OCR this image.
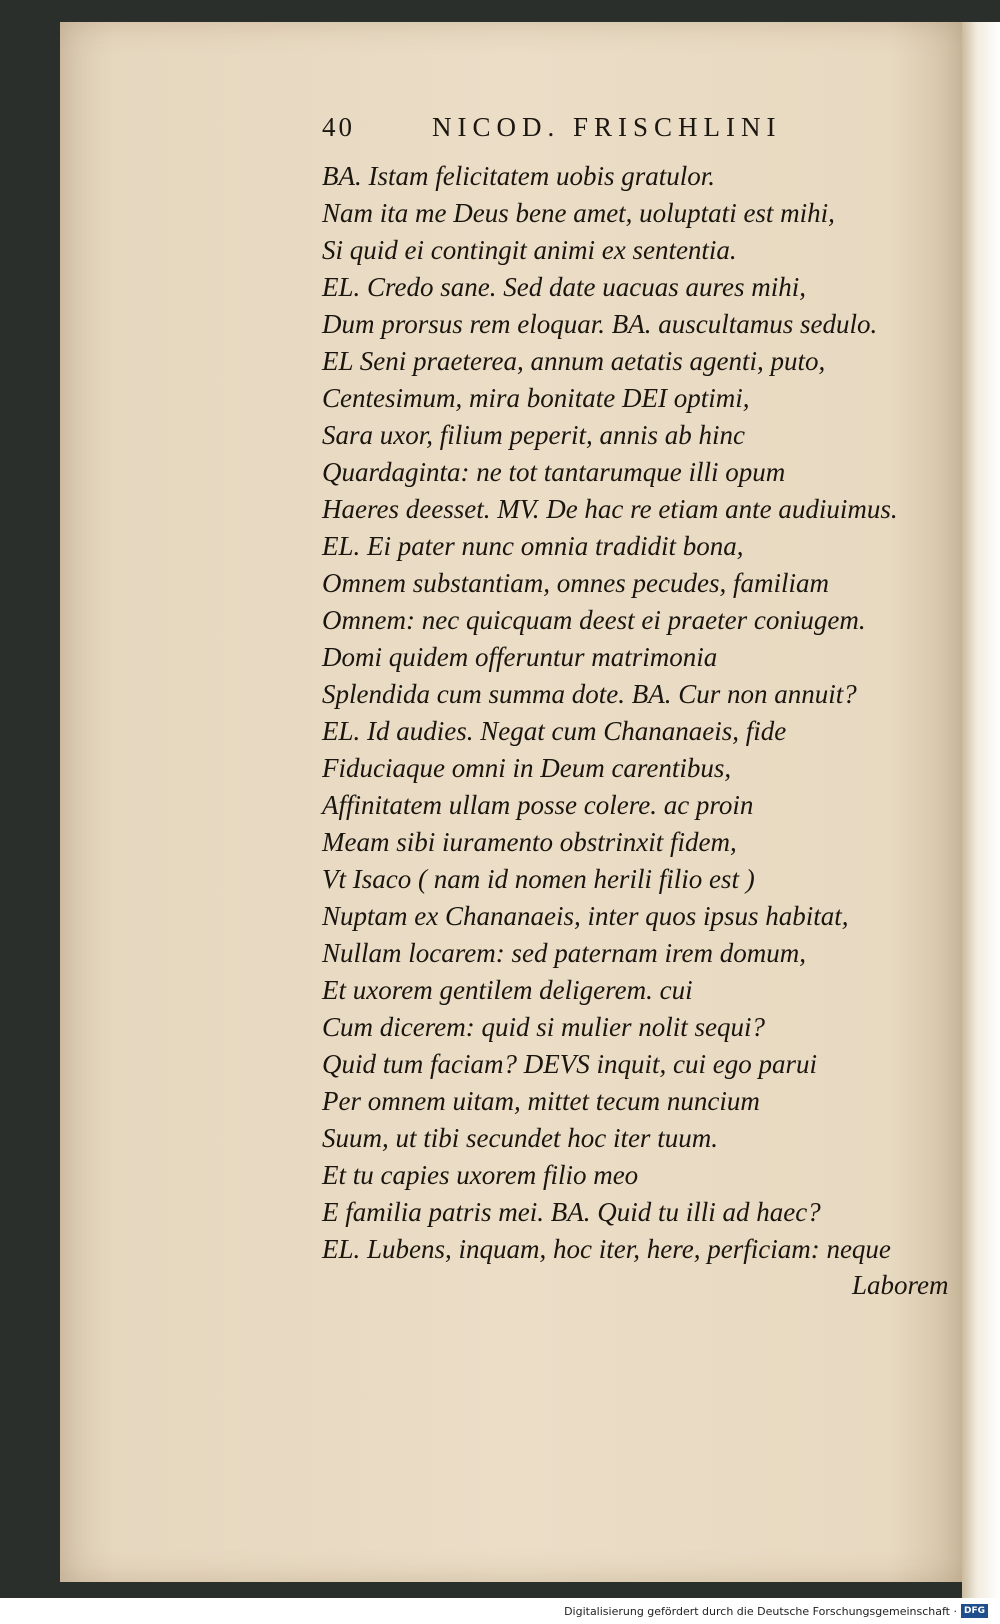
40	NICOD. FRISCHLINI
BA. Istam felicitatem uobis gratulor.
Nam ita me Deus bene amet, uoluptati est mihi,
Si quid ei contingit animi ex sententia.
EL. Credo sane. Sed date uacuas aures mihi,
Dum prorsus rem eloquar. BA. auscultamus sedulo.
EL Seni praeterea, annum aetatis agenti, puto,
Centesimum, mira bonitate DEI optimi,
Sara uxor, filium peperit, annis ab hinc
Quardaginta: ne tot tantarumque illi opum
Haeres deesset. MV. De hac re etiam ante audiuimus.
EL. Ei pater nunc omnia tradidit bona,
Omnem substantiam, omnes pecudes, familiam
Omnem: nec quicquam deest ei praeter coniugem.
Domi quidem offeruntur matrimonia
Splendida cum summa dote. BA. Cur non annuit?
EL. Id audies. Negat cum Chananaeis, fide
Fiduciaque omni in Deum carentibus,
Affinitatem ullam posse colere. ac proin
Meam sibi iuramento obstrinxit fidem,
Vt Isaco ( nam id nomen herili filio est )
Nuptam ex Chananaeis, inter quos ipsus habitat,
Nullam locarem: sed paternam irem domum,
Et uxorem gentilem deligerem. cui
Cum dicerem: quid si mulier nolit sequi?
Quid tum faciam? DEVS inquit, cui ego parui
Per omnem uitam, mittet tecum nuncium
Suum, ut tibi secundet hoc iter tuum.
Et tu capies uxorem filio meo
E familia patris mei. BA. Quid tu illi ad haec?
EL. Lubens, inquam, hoc iter, here, perficiam: neque
Laborem
Digitalisierung gefördert durch die Deutsche Forschungsgemeinschaft · DFG
